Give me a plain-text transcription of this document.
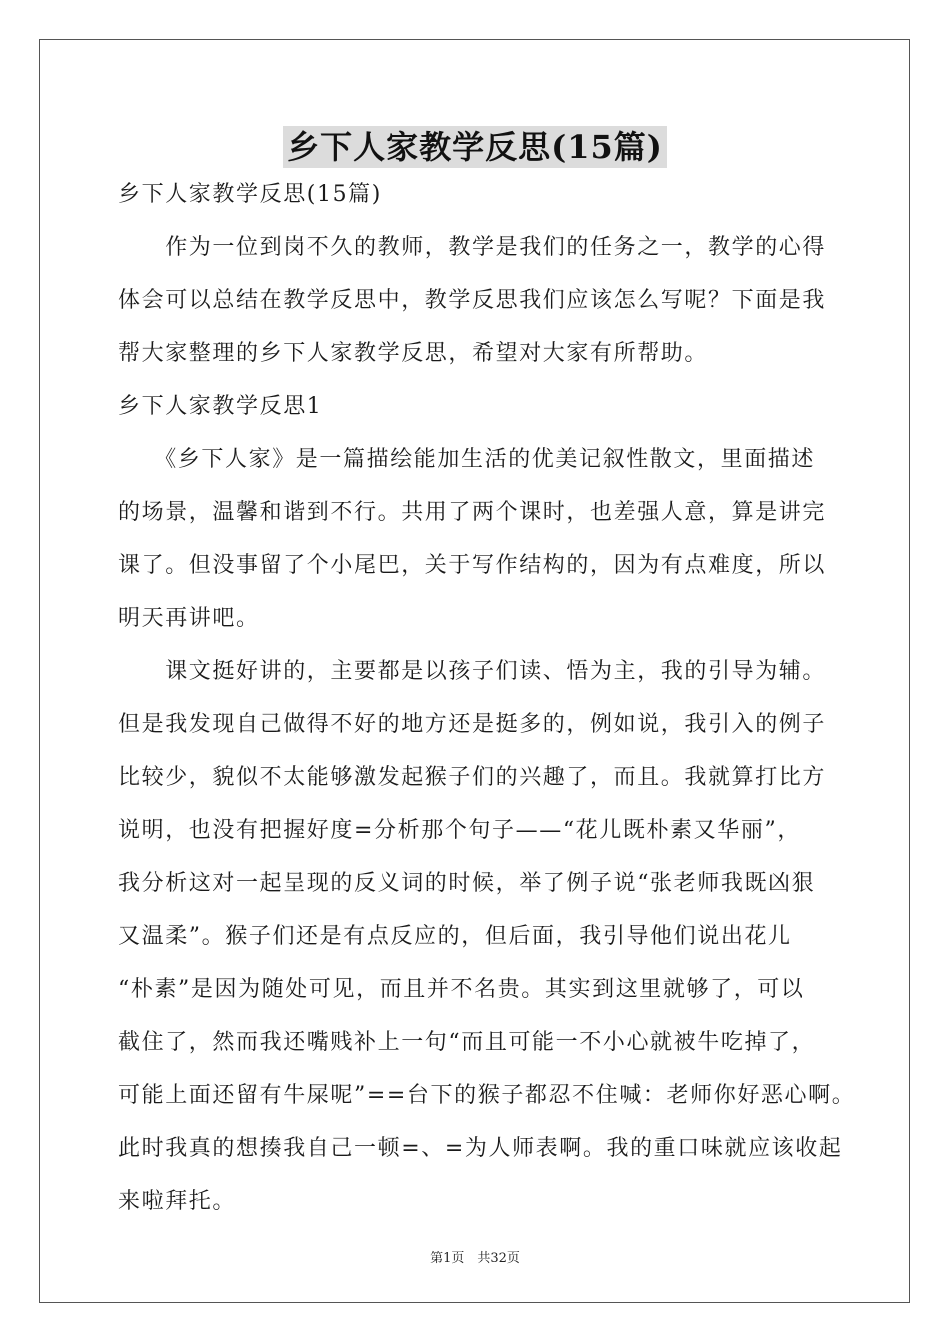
乡下人家教学反思(15篇)
乡下人家教学反思(15篇)
　　作为一位到岗不久的教师，教学是我们的任务之一，教学的心得
体会可以总结在教学反思中，教学反思我们应该怎么写呢？下面是我
帮大家整理的乡下人家教学反思，希望对大家有所帮助。
乡下人家教学反思1
　　《乡下人家》是一篇描绘能加生活的优美记叙性散文，里面描述
的场景，温馨和谐到不行。共用了两个课时，也差强人意，算是讲完
课了。但没事留了个小尾巴，关于写作结构的，因为有点难度，所以
明天再讲吧。
　　课文挺好讲的，主要都是以孩子们读、悟为主，我的引导为辅。
但是我发现自己做得不好的地方还是挺多的，例如说，我引入的例子
比较少，貌似不太能够激发起猴子们的兴趣了，而且。我就算打比方
说明，也没有把握好度=分析那个句子——“花儿既朴素又华丽”，
我分析这对一起呈现的反义词的时候，举了例子说“张老师我既凶狠
又温柔”。猴子们还是有点反应的，但后面，我引导他们说出花儿
“朴素”是因为随处可见，而且并不名贵。其实到这里就够了，可以
截住了，然而我还嘴贱补上一句“而且可能一不小心就被牛吃掉了，
可能上面还留有牛屎呢”==台下的猴子都忍不住喊：老师你好恶心啊。
此时我真的想揍我自己一顿=、=为人师表啊。我的重口味就应该收起
来啦拜托。
第1页　共32页
